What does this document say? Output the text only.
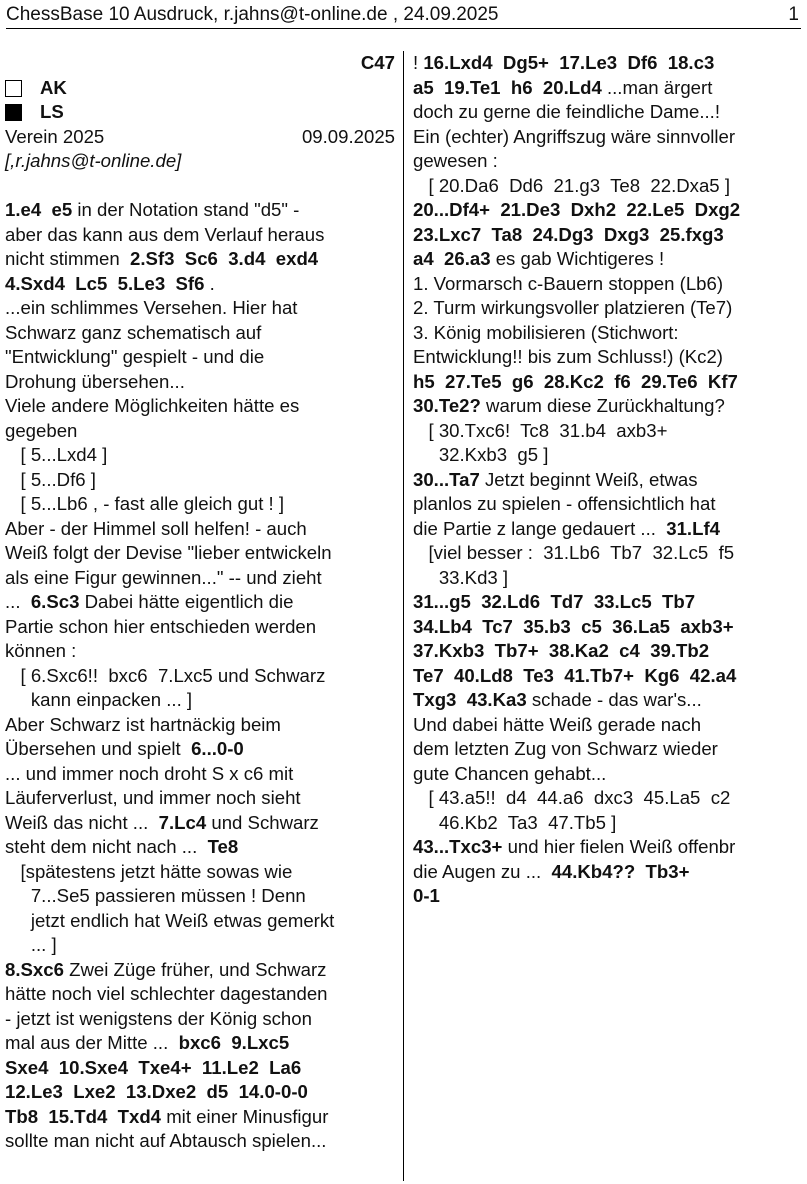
ChessBase 10 Ausdruck, r.jahns@t-online.de , 24.09.2025	1
C47
AK
LS
Verein 2025	09.09.2025
[,r.jahns@t-online.de]
1.e4  e5 in der Notation stand "d5" -
aber das kann aus dem Verlauf heraus
nicht stimmen  2.Sf3  Sc6  3.d4  exd4
4.Sxd4  Lc5  5.Le3  Sf6 .
...ein schlimmes Versehen. Hier hat
Schwarz ganz schematisch auf
"Entwicklung" gespielt - und die
Drohung übersehen...
Viele andere Möglichkeiten hätte es
gegeben
[ 5...Lxd4 ]
[ 5...Df6 ]
[ 5...Lb6 , - fast alle gleich gut ! ]
Aber - der Himmel soll helfen! - auch
Weiß folgt der Devise "lieber entwickeln
als eine Figur gewinnen..." -- und zieht
...  6.Sc3 Dabei hätte eigentlich die
Partie schon hier entschieden werden
können :
[ 6.Sxc6!!  bxc6  7.Lxc5 und Schwarz
kann einpacken ... ]
Aber Schwarz ist hartnäckig beim
Übersehen und spielt  6...0-0
... und immer noch droht S x c6 mit
Läuferverlust, und immer noch sieht
Weiß das nicht ...  7.Lc4 und Schwarz
steht dem nicht nach ...  Te8
[spätestens jetzt hätte sowas wie
7...Se5 passieren müssen ! Denn
jetzt endlich hat Weiß etwas gemerkt
... ]
8.Sxc6 Zwei Züge früher, und Schwarz
hätte noch viel schlechter dagestanden
- jetzt ist wenigstens der König schon
mal aus der Mitte ...  bxc6  9.Lxc5
Sxe4  10.Sxe4  Txe4+  11.Le2  La6
12.Le3  Lxe2  13.Dxe2  d5  14.0-0-0
Tb8  15.Td4  Txd4 mit einer Minusfigur
sollte man nicht auf Abtausch spielen...
! 16.Lxd4  Dg5+  17.Le3  Df6  18.c3
a5  19.Te1  h6  20.Ld4 ...man ärgert
doch zu gerne die feindliche Dame...!
Ein (echter) Angriffszug wäre sinnvoller
gewesen :
[ 20.Da6  Dd6  21.g3  Te8  22.Dxa5 ]
20...Df4+  21.De3  Dxh2  22.Le5  Dxg2
23.Lxc7  Ta8  24.Dg3  Dxg3  25.fxg3
a4  26.a3 es gab Wichtigeres !
1. Vormarsch c-Bauern stoppen (Lb6)
2. Turm wirkungsvoller platzieren (Te7)
3. König mobilisieren (Stichwort:
Entwicklung!! bis zum Schluss!) (Kc2)
h5  27.Te5  g6  28.Kc2  f6  29.Te6  Kf7
30.Te2? warum diese Zurückhaltung?
[ 30.Txc6!  Tc8  31.b4  axb3+
32.Kxb3  g5 ]
30...Ta7 Jetzt beginnt Weiß, etwas
planlos zu spielen - offensichtlich hat
die Partie z lange gedauert ...  31.Lf4
[viel besser :  31.Lb6  Tb7  32.Lc5  f5
33.Kd3 ]
31...g5  32.Ld6  Td7  33.Lc5  Tb7
34.Lb4  Tc7  35.b3  c5  36.La5  axb3+
37.Kxb3  Tb7+  38.Ka2  c4  39.Tb2
Te7  40.Ld8  Te3  41.Tb7+  Kg6  42.a4
Txg3  43.Ka3 schade - das war's...
Und dabei hätte Weiß gerade nach
dem letzten Zug von Schwarz wieder
gute Chancen gehabt...
[ 43.a5!!  d4  44.a6  dxc3  45.La5  c2
46.Kb2  Ta3  47.Tb5 ]
43...Txc3+ und hier fielen Weiß offenbr
die Augen zu ...  44.Kb4??  Tb3+
0-1
